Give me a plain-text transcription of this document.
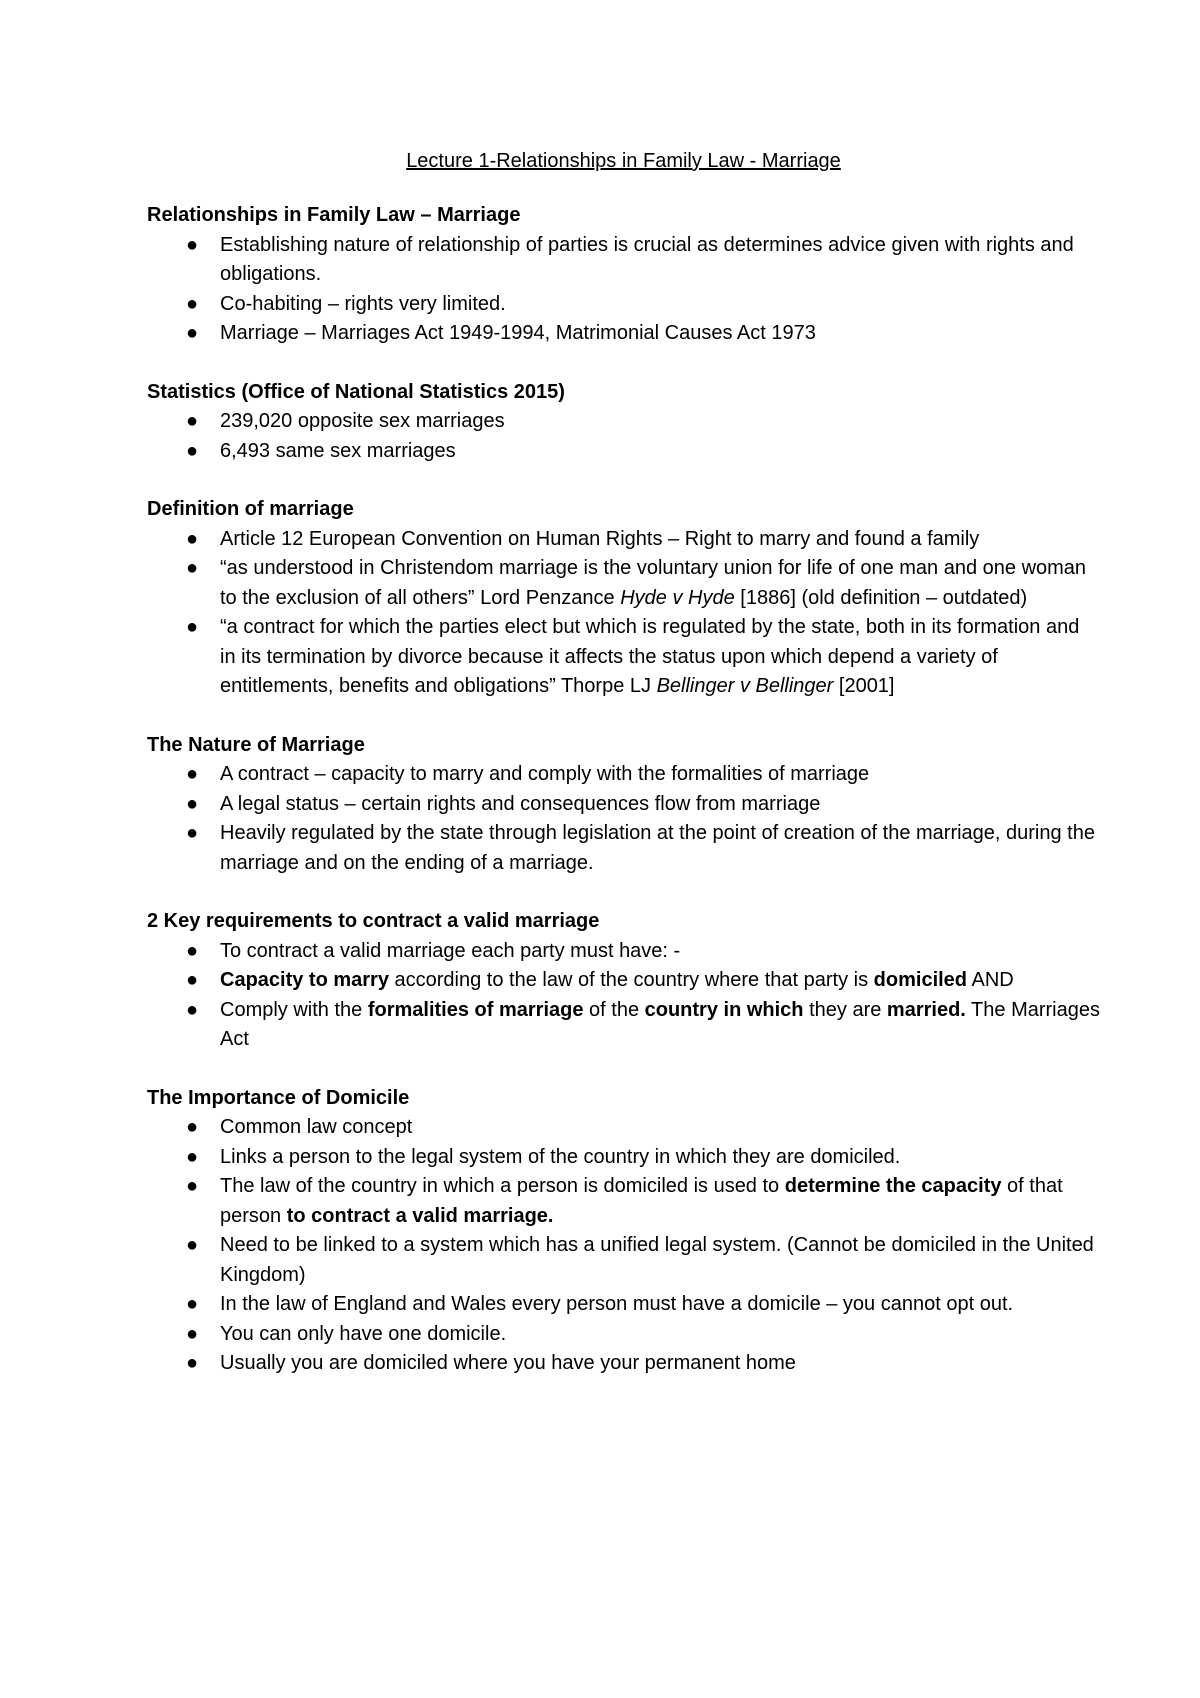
Lecture 1-Relationships in Family Law - Marriage

Relationships in Family Law – Marriage

● Establishing nature of relationship of parties is crucial as determines advice given with rights and obligations.
● Co-habiting – rights very limited.
● Marriage – Marriages Act 1949-1994, Matrimonial Causes Act 1973

Statistics (Office of National Statistics 2015)

● 239,020 opposite sex marriages
● 6,493 same sex marriages

Definition of marriage

● Article 12 European Convention on Human Rights – Right to marry and found a family
● “as understood in Christendom marriage is the voluntary union for life of one man and one woman to the exclusion of all others” Lord Penzance Hyde v Hyde [1886] (old definition – outdated)
● “a contract for which the parties elect but which is regulated by the state, both in its formation and in its termination by divorce because it affects the status upon which depend a variety of entitlements, benefits and obligations” Thorpe LJ Bellinger v Bellinger [2001]

The Nature of Marriage

● A contract – capacity to marry and comply with the formalities of marriage
● A legal status – certain rights and consequences flow from marriage
● Heavily regulated by the state through legislation at the point of creation of the marriage, during the marriage and on the ending of a marriage.

2 Key requirements to contract a valid marriage

● To contract a valid marriage each party must have: -
● Capacity to marry according to the law of the country where that party is domiciled AND
● Comply with the formalities of marriage of the country in which they are married. The Marriages Act

The Importance of Domicile

● Common law concept
● Links a person to the legal system of the country in which they are domiciled.
● The law of the country in which a person is domiciled is used to determine the capacity of that person to contract a valid marriage.
● Need to be linked to a system which has a unified legal system. (Cannot be domiciled in the United Kingdom)
● In the law of England and Wales every person must have a domicile – you cannot opt out.
● You can only have one domicile.
● Usually you are domiciled where you have your permanent home
